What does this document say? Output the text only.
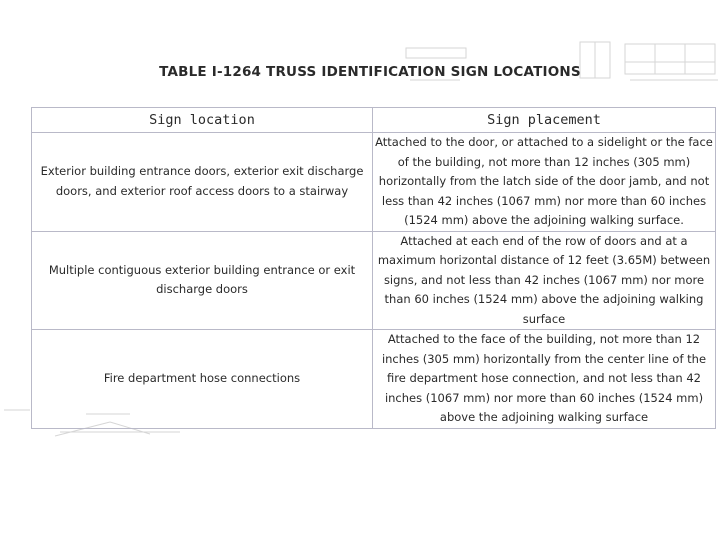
TABLE I-1264 TRUSS IDENTIFICATION SIGN LOCATIONS
Sign location	Sign placement
Exterior building entrance doors, exterior exit discharge doors, and exterior roof access doors to a stairway	Attached to the door, or attached to a sidelight or the face of the building, not more than 12 inches (305 mm) horizontally from the latch side of the door jamb, and not less than 42 inches (1067 mm) nor more than 60 inches (1524 mm) above the adjoining walking surface.
Multiple contiguous exterior building entrance or exit discharge doors	Attached at each end of the row of doors and at a maximum horizontal distance of 12 feet (3.65M) between signs, and not less than 42 inches (1067 mm) nor more than 60 inches (1524 mm) above the adjoining walking surface
Fire department hose connections	Attached to the face of the building, not more than 12 inches (305 mm) horizontally from the center line of the fire department hose connection, and not less than 42 inches (1067 mm) nor more than 60 inches (1524 mm) above the adjoining walking surface
